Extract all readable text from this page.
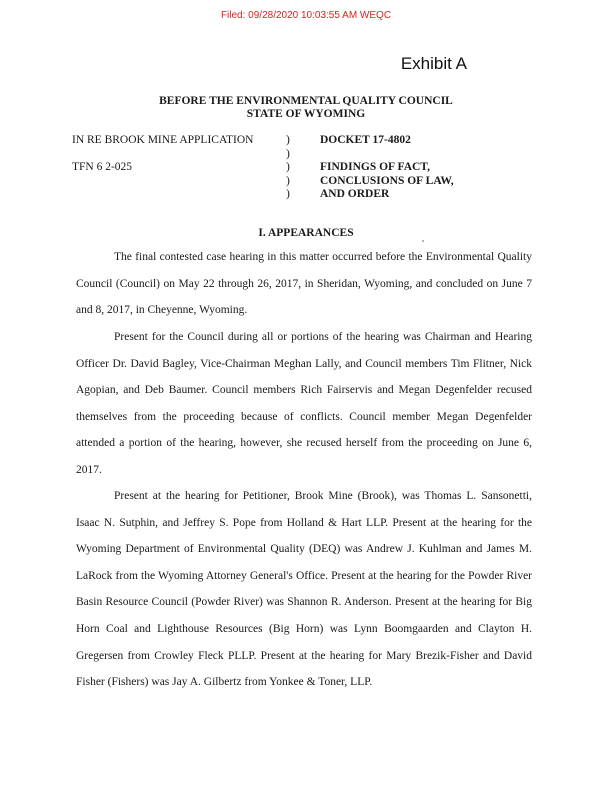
Filed: 09/28/2020 10:03:55 AM WEQC
Exhibit A
BEFORE THE ENVIRONMENTAL QUALITY COUNCIL
STATE OF WYOMING
IN RE BROOK MINE APPLICATION
TFN 6 2-025
)
)
)
)
)
DOCKET 17-4802
FINDINGS OF FACT,
CONCLUSIONS OF LAW,
AND ORDER
I. APPEARANCES

The final contested case hearing in this matter occurred before the Environmental Quality Council (Council) on May 22 through 26, 2017, in Sheridan, Wyoming, and concluded on June 7 and 8, 2017, in Cheyenne, Wyoming.

Present for the Council during all or portions of the hearing was Chairman and Hearing Officer Dr. David Bagley, Vice-Chairman Meghan Lally, and Council members Tim Flitner, Nick Agopian, and Deb Baumer. Council members Rich Fairservis and Megan Degenfelder recused themselves from the proceeding because of conflicts. Council member Megan Degenfelder attended a portion of the hearing, however, she recused herself from the proceeding on June 6, 2017.

Present at the hearing for Petitioner, Brook Mine (Brook), was Thomas L. Sansonetti, Isaac N. Sutphin, and Jeffrey S. Pope from Holland & Hart LLP. Present at the hearing for the Wyoming Department of Environmental Quality (DEQ) was Andrew J. Kuhlman and James M. LaRock from the Wyoming Attorney General's Office. Present at the hearing for the Powder River Basin Resource Council (Powder River) was Shannon R. Anderson. Present at the hearing for Big Horn Coal and Lighthouse Resources (Big Horn) was Lynn Boomgaarden and Clayton H. Gregersen from Crowley Fleck PLLP. Present at the hearing for Mary Brezik-Fisher and David Fisher (Fishers) was Jay A. Gilbertz from Yonkee & Toner, LLP.
